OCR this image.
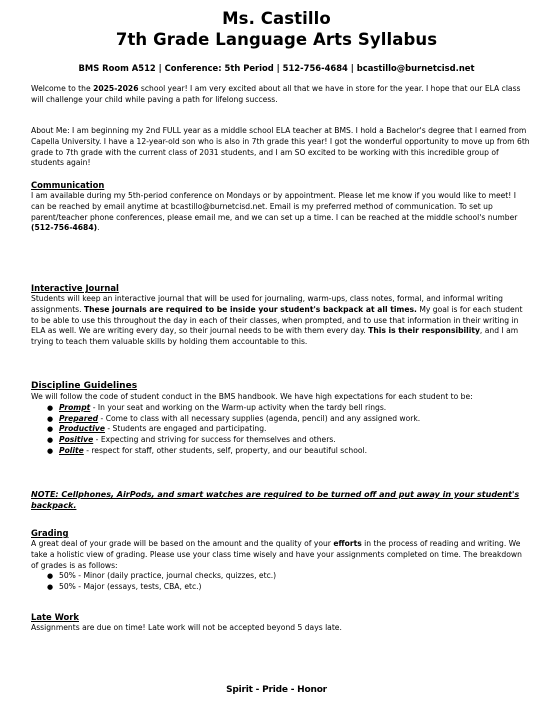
Ms. Castillo
7th Grade Language Arts Syllabus
BMS Room A512 | Conference: 5th Period | 512-756-4684 | bcastillo@burnetcisd.net
Welcome to the 2025-2026 school year! I am very excited about all that we have in store for the year. I hope that our ELA class will challenge your child while paving a path for lifelong success.
About Me: I am beginning my 2nd FULL year as a middle school ELA teacher at BMS. I hold a Bachelor's degree that I earned from Capella University. I have a 12-year-old son who is also in 7th grade this year! I got the wonderful opportunity to move up from 6th grade to 7th grade with the current class of 2031 students, and I am SO excited to be working with this incredible group of students again!
Communication
I am available during my 5th-period conference on Mondays or by appointment. Please let me know if you would like to meet! I can be reached by email anytime at bcastillo@burnetcisd.net. Email is my preferred method of communication. To set up parent/teacher phone conferences, please email me, and we can set up a time. I can be reached at the middle school's number (512-756-4684).
Interactive Journal
Students will keep an interactive journal that will be used for journaling, warm-ups, class notes, formal, and informal writing assignments. These journals are required to be inside your student's backpack at all times. My goal is for each student to be able to use this throughout the day in each of their classes, when prompted, and to use that information in their writing in ELA as well. We are writing every day, so their journal needs to be with them every day. This is their responsibility, and I am trying to teach them valuable skills by holding them accountable to this.
Discipline Guidelines
We will follow the code of student conduct in the BMS handbook. We have high expectations for each student to be:
● Prompt - In your seat and working on the Warm-up activity when the tardy bell rings.
● Prepared - Come to class with all necessary supplies (agenda, pencil) and any assigned work.
● Productive - Students are engaged and participating.
● Positive - Expecting and striving for success for themselves and others.
● Polite - respect for staff, other students, self, property, and our beautiful school.
NOTE: Cellphones, AirPods, and smart watches are required to be turned off and put away in your student's backpack.
Grading
A great deal of your grade will be based on the amount and the quality of your efforts in the process of reading and writing. We take a holistic view of grading. Please use your class time wisely and have your assignments completed on time. The breakdown of grades is as follows:
● 50% - Minor (daily practice, journal checks, quizzes, etc.)
● 50% - Major (essays, tests, CBA, etc.)
Late Work
Assignments are due on time! Late work will not be accepted beyond 5 days late.
Spirit - Pride - Honor
